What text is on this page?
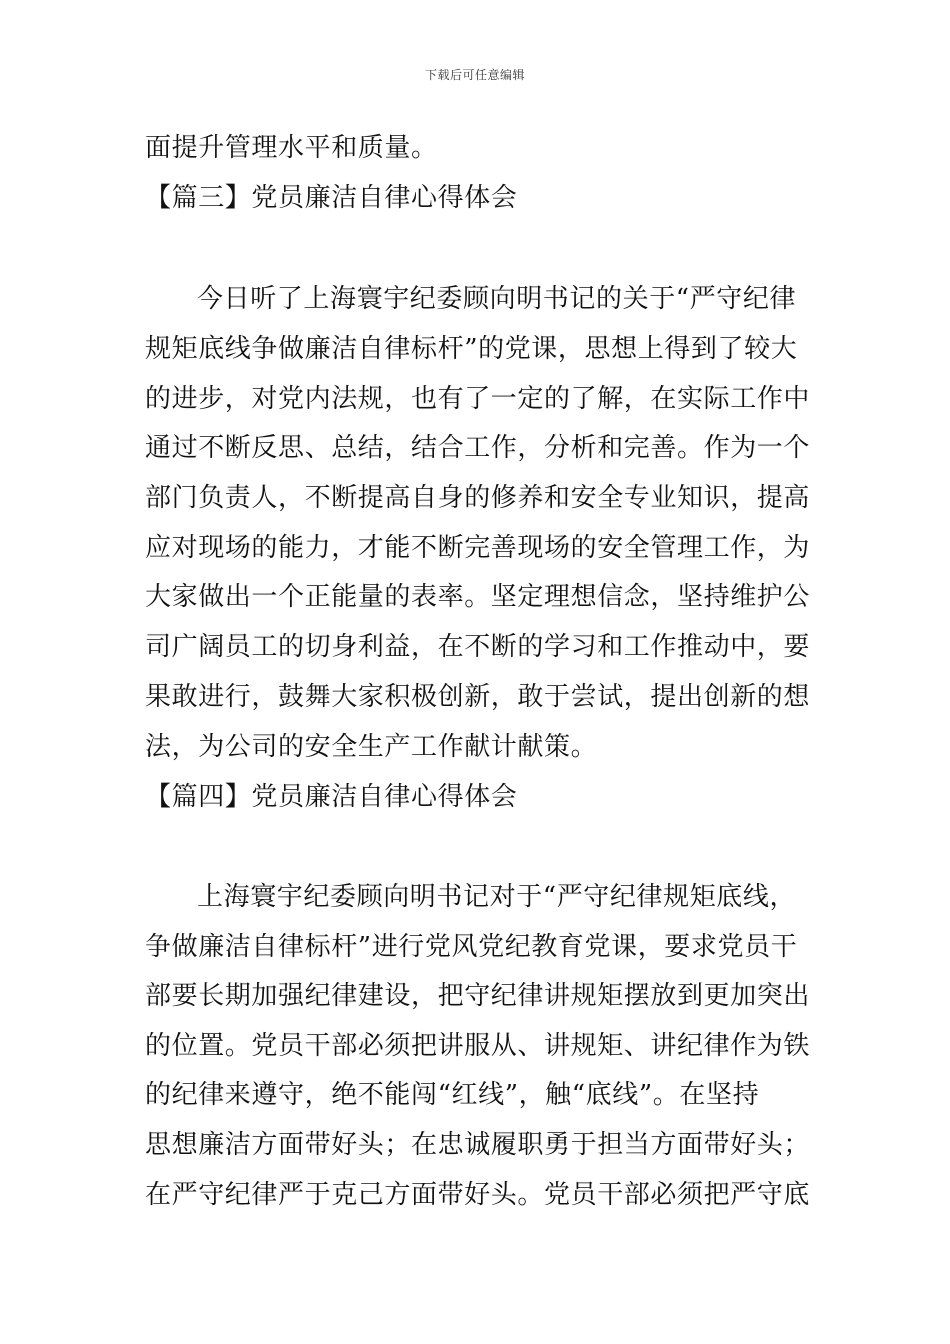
下载后可任意编辑
面提升管理水平和质量。
【篇三】党员廉洁自律心得体会
今日听了上海寰宇纪委顾向明书记的关于“严守纪律
规矩底线争做廉洁自律标杆”的党课，思想上得到了较大
的进步，对党内法规，也有了一定的了解，在实际工作中
通过不断反思、总结，结合工作，分析和完善。作为一个
部门负责人，不断提高自身的修养和安全专业知识，提高
应对现场的能力，才能不断完善现场的安全管理工作，为
大家做出一个正能量的表率。坚定理想信念，坚持维护公
司广阔员工的切身利益，在不断的学习和工作推动中，要
果敢进行，鼓舞大家积极创新，敢于尝试，提出创新的想
法，为公司的安全生产工作献计献策。
【篇四】党员廉洁自律心得体会
上海寰宇纪委顾向明书记对于“严守纪律规矩底线，
争做廉洁自律标杆”进行党风党纪教育党课，要求党员干
部要长期加强纪律建设，把守纪律讲规矩摆放到更加突出
的位置。党员干部必须把讲服从、讲规矩、讲纪律作为铁
的纪律来遵守，绝不能闯“红线”，触“底线”。在坚持
思想廉洁方面带好头；在忠诚履职勇于担当方面带好头；
在严守纪律严于克己方面带好头。党员干部必须把严守底
